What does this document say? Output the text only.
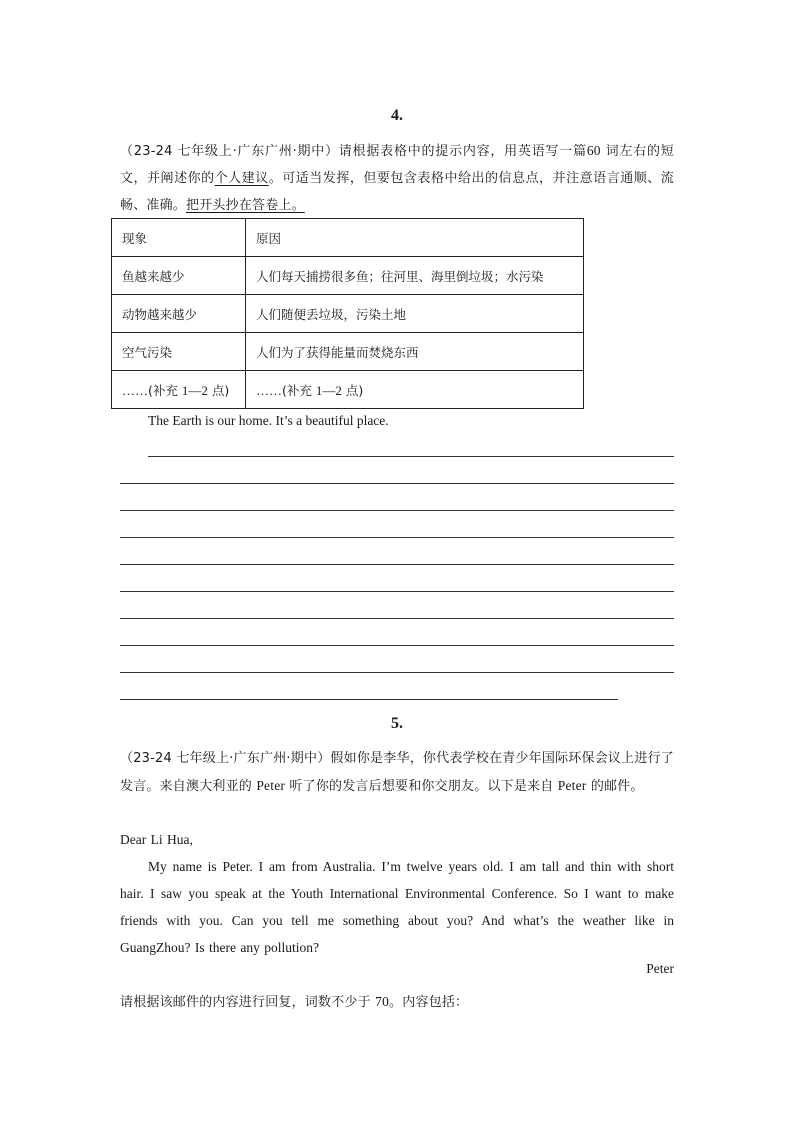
4.
（23-24 七年级上·广东广州·期中）请根据表格中的提示内容，用英语写一篇60 词左右的短文，并阐述你的个人建议。可适当发挥，但要包含表格中给出的信息点，并注意语言通顺、流畅、准确。把开头抄在答卷上。
现象	原因
鱼越来越少	人们每天捕捞很多鱼；往河里、海里倒垃圾；水污染
动物越来越少	人们随便丢垃圾，污染土地
空气污染	人们为了获得能量而焚烧东西
……(补充 1—2 点)	……(补充 1—2 点)
The Earth is our home. It’s a beautiful place.
5.
（23-24 七年级上·广东广州·期中）假如你是李华，你代表学校在青少年国际环保会议上进行了发言。来自澳大利亚的 Peter 听了你的发言后想要和你交朋友。以下是来自 Peter 的邮件。
Dear Li Hua,
My name is Peter. I am from Australia. I’m twelve years old. I am tall and thin with short hair. I saw you speak at the Youth International Environmental Conference. So I want to make friends with you. Can you tell me something about you? And what’s the weather like in GuangZhou? Is there any pollution?
Peter
请根据该邮件的内容进行回复，词数不少于 70。内容包括：
